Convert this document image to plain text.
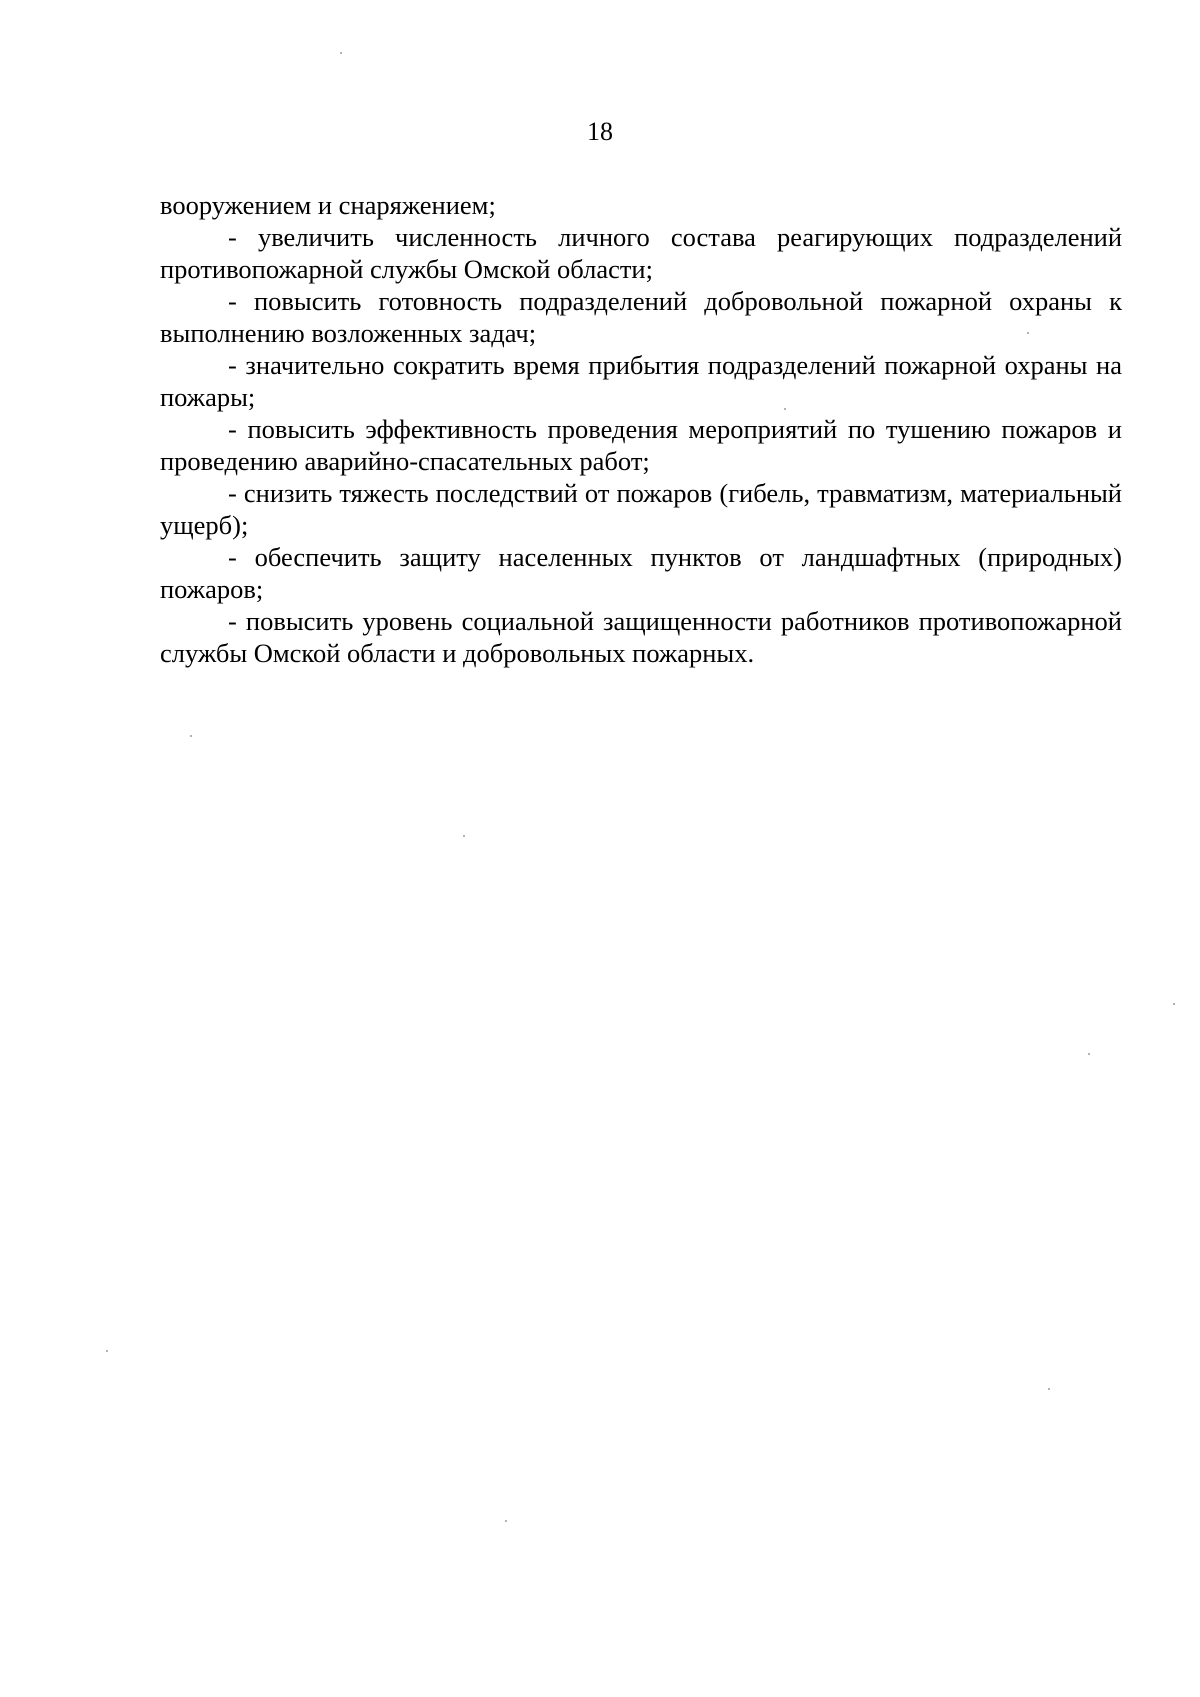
18

вооружением и снаряжением;

- увеличить численность личного состава реагирующих подразделений противопожарной службы Омской области;

- повысить готовность подразделений добровольной пожарной охраны к выполнению возложенных задач;

- значительно сократить время прибытия подразделений пожарной охраны на пожары;

- повысить эффективность проведения мероприятий по тушению пожаров и проведению аварийно-спасательных работ;

- снизить тяжесть последствий от пожаров (гибель, травматизм, материальный ущерб);

- обеспечить защиту населенных пунктов от ландшафтных (природных) пожаров;

- повысить уровень социальной защищенности работников противопожарной службы Омской области и добровольных пожарных.
